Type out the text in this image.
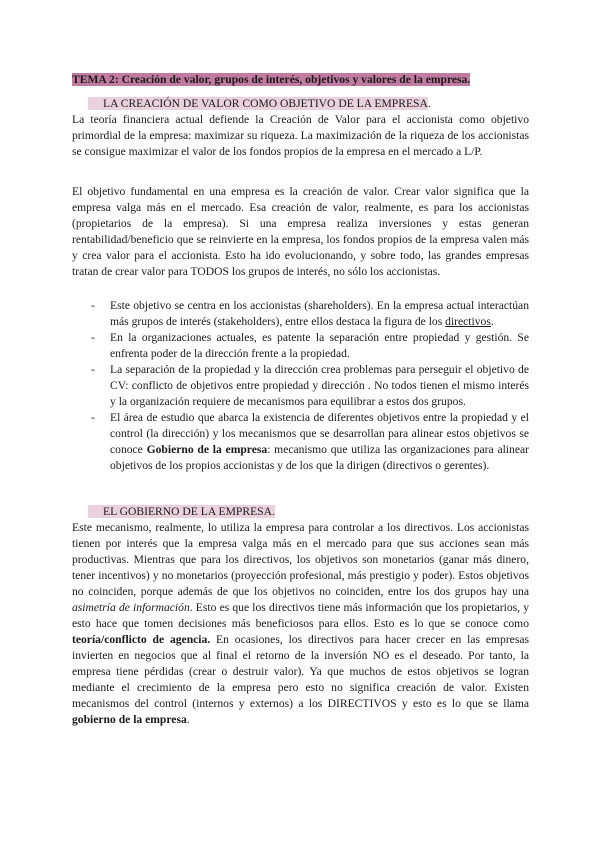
TEMA 2: Creación de valor, grupos de interés, objetivos y valores de la empresa.
LA CREACIÓN DE VALOR COMO OBJETIVO DE LA EMPRESA.
La teoría financiera actual defiende la Creación de Valor para el accionista como objetivo primordial de la empresa: maximizar su riqueza. La maximización de la riqueza de los accionistas se consigue maximizar el valor de los fondos propios de la empresa en el mercado a L/P.
El objetivo fundamental en una empresa es la creación de valor. Crear valor significa que la empresa valga más en el mercado. Esa creación de valor, realmente, es para los accionistas (propietarios de la empresa). Si una empresa realiza inversiones y estas generan rentabilidad/beneficio que se reinvierte en la empresa, los fondos propios de la empresa valen más y crea valor para el accionista. Esto ha ido evolucionando, y sobre todo, las grandes empresas tratan de crear valor para TODOS los grupos de interés, no sólo los accionistas.
- Este objetivo se centra en los accionistas (shareholders). En la empresa actual interactúan más grupos de interés (stakeholders), entre ellos destaca la figura de los directivos.
- En la organizaciones actuales, es patente la separación entre propiedad y gestión. Se enfrenta poder de la dirección frente a la propiedad.
- La separación de la propiedad y la dirección crea problemas para perseguir el objetivo de CV: conflicto de objetivos entre propiedad y dirección . No todos tienen el mismo interés y la organización requiere de mecanismos para equilibrar a estos dos grupos.
- El área de estudio que abarca la existencia de diferentes objetivos entre la propiedad y el control (la dirección) y los mecanismos que se desarrollan para alinear estos objetivos se conoce Gobierno de la empresa: mecanismo que utiliza las organizaciones para alinear objetivos de los propios accionistas y de los que la dirigen (directivos o gerentes).
EL GOBIERNO DE LA EMPRESA.
Este mecanismo, realmente, lo utiliza la empresa para controlar a los directivos. Los accionistas tienen por interés que la empresa valga más en el mercado para que sus acciones sean más productivas. Mientras que para los directivos, los objetivos son monetarios (ganar más dinero, tener incentivos) y no monetarios (proyección profesional, más prestigio y poder). Estos objetivos no coinciden, porque además de que los objetivos no coinciden, entre los dos grupos hay una asimetría de información. Esto es que los directivos tiene más información que los propietarios, y esto hace que tomen decisiones más beneficiosos para ellos. Esto es lo que se conoce como teoría/conflicto de agencia. En ocasiones, los directivos para hacer crecer en las empresas invierten en negocios que al final el retorno de la inversión NO es el deseado. Por tanto, la empresa tiene pérdidas (crear o destruir valor). Ya que muchos de estos objetivos se logran mediante el crecimiento de la empresa pero esto no significa creación de valor. Existen mecanismos del control (internos y externos) a los DIRECTIVOS y esto es lo que se llama gobierno de la empresa.
